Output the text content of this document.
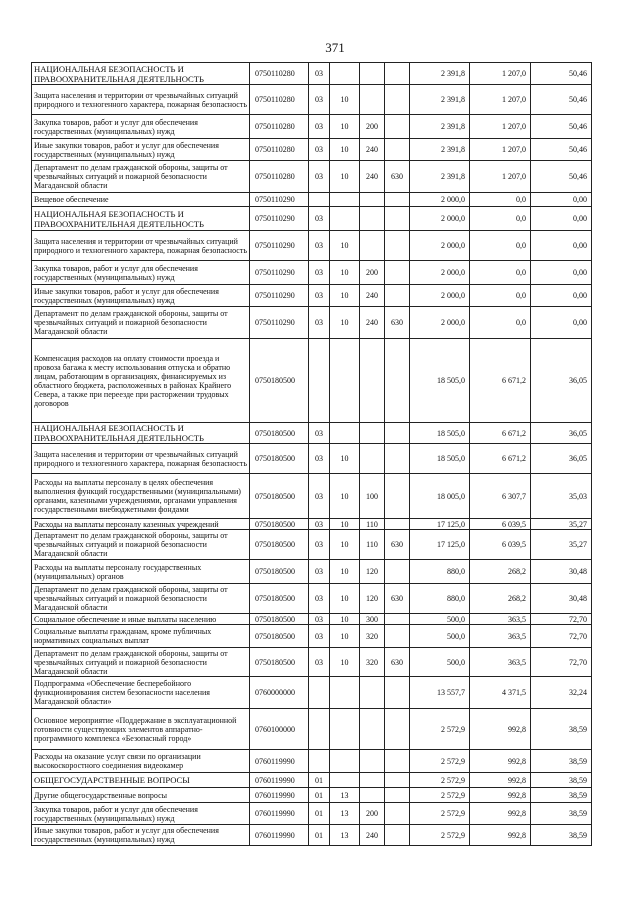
371
НАЦИОНАЛЬНАЯ БЕЗОПАСНОСТЬ И ПРАВООХРАНИТЕЛЬНАЯ ДЕЯТЕЛЬНОСТЬ	0750110280	03				2 391,8	1 207,0	50,46
Защита населения и территории от чрезвычайных ситуаций природного и техногенного характера, пожарная безопасность	0750110280	03	10			2 391,8	1 207,0	50,46
Закупка товаров, работ и услуг для обеспечения государственных (муниципальных) нужд	0750110280	03	10	200		2 391,8	1 207,0	50,46
Иные закупки товаров, работ и услуг для обеспечения государственных (муниципальных) нужд	0750110280	03	10	240		2 391,8	1 207,0	50,46
Департамент по делам гражданской обороны, защиты от чрезвычайных ситуаций и пожарной безопасности Магаданской области	0750110280	03	10	240	630	2 391,8	1 207,0	50,46
Вещевое обеспечение	0750110290					2 000,0	0,0	0,00
НАЦИОНАЛЬНАЯ БЕЗОПАСНОСТЬ И ПРАВООХРАНИТЕЛЬНАЯ ДЕЯТЕЛЬНОСТЬ	0750110290	03				2 000,0	0,0	0,00
Защита населения и территории от чрезвычайных ситуаций природного и техногенного характера, пожарная безопасность	0750110290	03	10			2 000,0	0,0	0,00
Закупка товаров, работ и услуг для обеспечения государственных (муниципальных) нужд	0750110290	03	10	200		2 000,0	0,0	0,00
Иные закупки товаров, работ и услуг для обеспечения государственных (муниципальных) нужд	0750110290	03	10	240		2 000,0	0,0	0,00
Департамент по делам гражданской обороны, защиты от чрезвычайных ситуаций и пожарной безопасности Магаданской области	0750110290	03	10	240	630	2 000,0	0,0	0,00
Компенсация расходов на оплату стоимости проезда и провоза багажа к месту использования отпуска и обратно лицам, работающим в организациях, финансируемых из областного бюджета, расположенных в районах Крайнего Севера, а также при переезде при расторжении трудовых договоров	0750180500					18 505,0	6 671,2	36,05
НАЦИОНАЛЬНАЯ БЕЗОПАСНОСТЬ И ПРАВООХРАНИТЕЛЬНАЯ ДЕЯТЕЛЬНОСТЬ	0750180500	03				18 505,0	6 671,2	36,05
Защита населения и территории от чрезвычайных ситуаций природного и техногенного характера, пожарная безопасность	0750180500	03	10			18 505,0	6 671,2	36,05
Расходы на выплаты персоналу в целях обеспечения выполнения функций государственными (муниципальными) органами, казенными учреждениями, органами управления государственными внебюджетными фондами	0750180500	03	10	100		18 005,0	6 307,7	35,03
Расходы на выплаты персоналу казенных учреждений	0750180500	03	10	110		17 125,0	6 039,5	35,27
Департамент по делам гражданской обороны, защиты от чрезвычайных ситуаций и пожарной безопасности Магаданской области	0750180500	03	10	110	630	17 125,0	6 039,5	35,27
Расходы на выплаты персоналу государственных (муниципальных) органов	0750180500	03	10	120		880,0	268,2	30,48
Департамент по делам гражданской обороны, защиты от чрезвычайных ситуаций и пожарной безопасности Магаданской области	0750180500	03	10	120	630	880,0	268,2	30,48
Социальное обеспечение и иные выплаты населению	0750180500	03	10	300		500,0	363,5	72,70
Социальные выплаты гражданам, кроме публичных нормативных социальных выплат	0750180500	03	10	320		500,0	363,5	72,70
Департамент по делам гражданской обороны, защиты от чрезвычайных ситуаций и пожарной безопасности Магаданской области	0750180500	03	10	320	630	500,0	363,5	72,70
Подпрограмма «Обеспечение бесперебойного функционирования систем безопасности населения Магаданской области»	0760000000					13 557,7	4 371,5	32,24
Основное мероприятие «Поддержание в эксплуатационной готовности существующих элементов аппаратно-программного комплекса «Безопасный город»	0760100000					2 572,9	992,8	38,59
Расходы на оказание услуг связи по организации высокоскоростного соединения видеокамер	0760119990					2 572,9	992,8	38,59
ОБЩЕГОСУДАРСТВЕННЫЕ ВОПРОСЫ	0760119990	01				2 572,9	992,8	38,59
Другие общегосударственные вопросы	0760119990	01	13			2 572,9	992,8	38,59
Закупка товаров, работ и услуг для обеспечения государственных (муниципальных) нужд	0760119990	01	13	200		2 572,9	992,8	38,59
Иные закупки товаров, работ и услуг для обеспечения государственных (муниципальных) нужд	0760119990	01	13	240		2 572,9	992,8	38,59
